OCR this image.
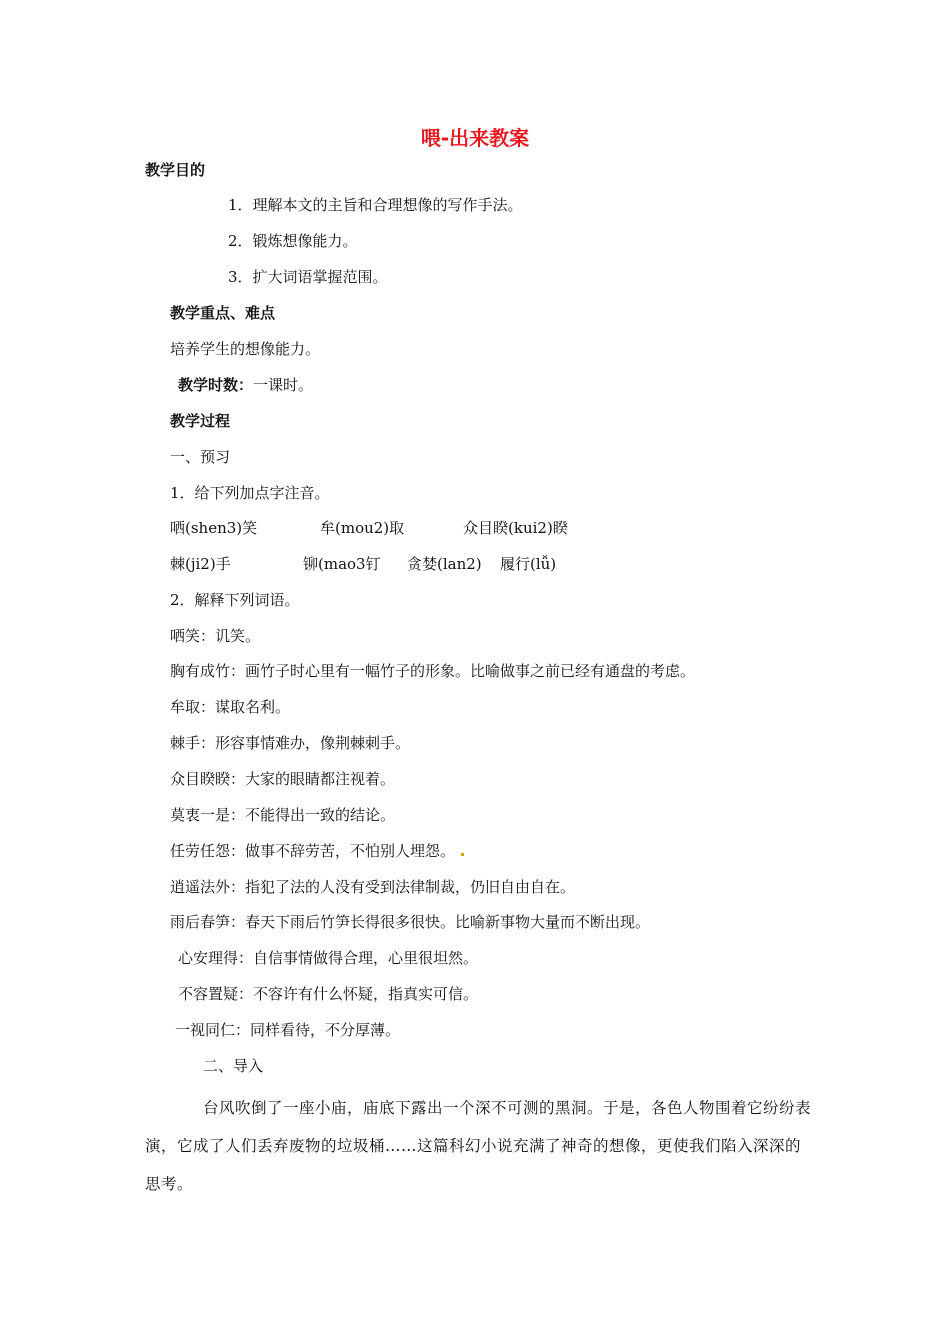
喂-出来教案
教学目的
1．理解本文的主旨和合理想像的写作手法。
2．锻炼想像能力。
3．扩大词语掌握范围。
教学重点、难点
培养学生的想像能力。
教学时数：一课时。
教学过程
一、预习
1．给下列加点字注音。
哂(shen3)笑	牟(mou2)取	众目睽(kui2)睽
棘(ji2)手	铆(mao3钉 贪婪(lan2) 履行(lǚ)
2．解释下列词语。
哂笑：讥笑。
胸有成竹：画竹子时心里有一幅竹子的形象。比喻做事之前已经有通盘的考虑。
牟取：谋取名利。
棘手：形容事情难办，像荆棘刺手。
众目睽睽：大家的眼睛都注视着。
莫衷一是：不能得出一致的结论。
任劳任怨：做事不辞劳苦，不怕别人埋怨。
逍遥法外：指犯了法的人没有受到法律制裁，仍旧自由自在。
雨后春笋：春天下雨后竹笋长得很多很快。比喻新事物大量而不断出现。
心安理得：自信事情做得合理，心里很坦然。
不容置疑：不容许有什么怀疑，指真实可信。
一视同仁：同样看待，不分厚薄。
二、导入
台风吹倒了一座小庙，庙底下露出一个深不可测的黑洞。于是，各色人物围着它纷纷表演，它成了人们丢弃废物的垃圾桶……这篇科幻小说充满了神奇的想像，更使我们陷入深深的思考。
